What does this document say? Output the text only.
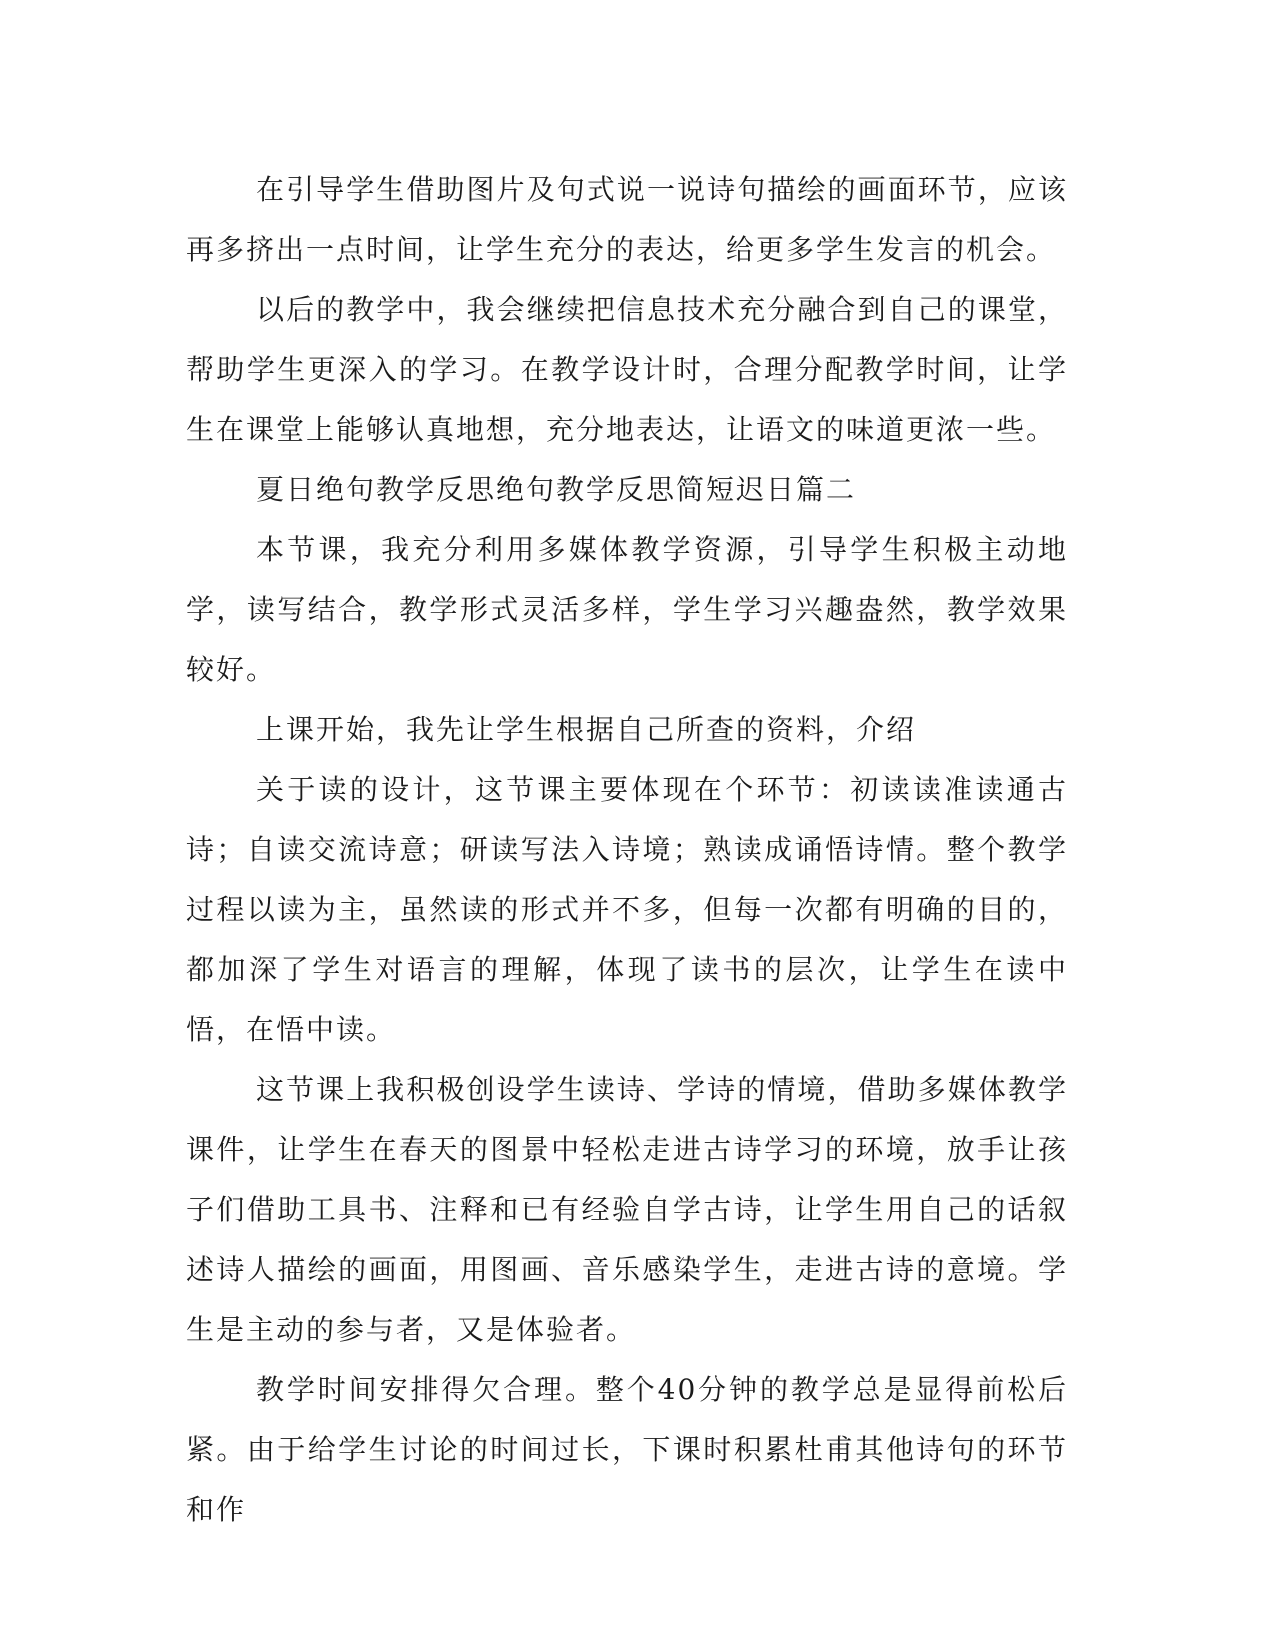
在引导学生借助图片及句式说一说诗句描绘的画面环节，应该再多挤出一点时间，让学生充分的表达，给更多学生发言的机会。

以后的教学中，我会继续把信息技术充分融合到自己的课堂，帮助学生更深入的学习。在教学设计时，合理分配教学时间，让学生在课堂上能够认真地想，充分地表达，让语文的味道更浓一些。

夏日绝句教学反思绝句教学反思简短迟日篇二

本节课，我充分利用多媒体教学资源，引导学生积极主动地学，读写结合，教学形式灵活多样，学生学习兴趣盎然，教学效果较好。

上课开始，我先让学生根据自己所查的资料，介绍

关于读的设计，这节课主要体现在个环节：初读读准读通古诗；自读交流诗意；研读写法入诗境；熟读成诵悟诗情。整个教学过程以读为主，虽然读的形式并不多，但每一次都有明确的目的，都加深了学生对语言的理解，体现了读书的层次，让学生在读中悟，在悟中读。

这节课上我积极创设学生读诗、学诗的情境，借助多媒体教学课件，让学生在春天的图景中轻松走进古诗学习的环境，放手让孩子们借助工具书、注释和已有经验自学古诗，让学生用自己的话叙述诗人描绘的画面，用图画、音乐感染学生，走进古诗的意境。学生是主动的参与者，又是体验者。

教学时间安排得欠合理。整个40分钟的教学总是显得前松后紧。由于给学生讨论的时间过长，下课时积累杜甫其他诗句的环节和作
